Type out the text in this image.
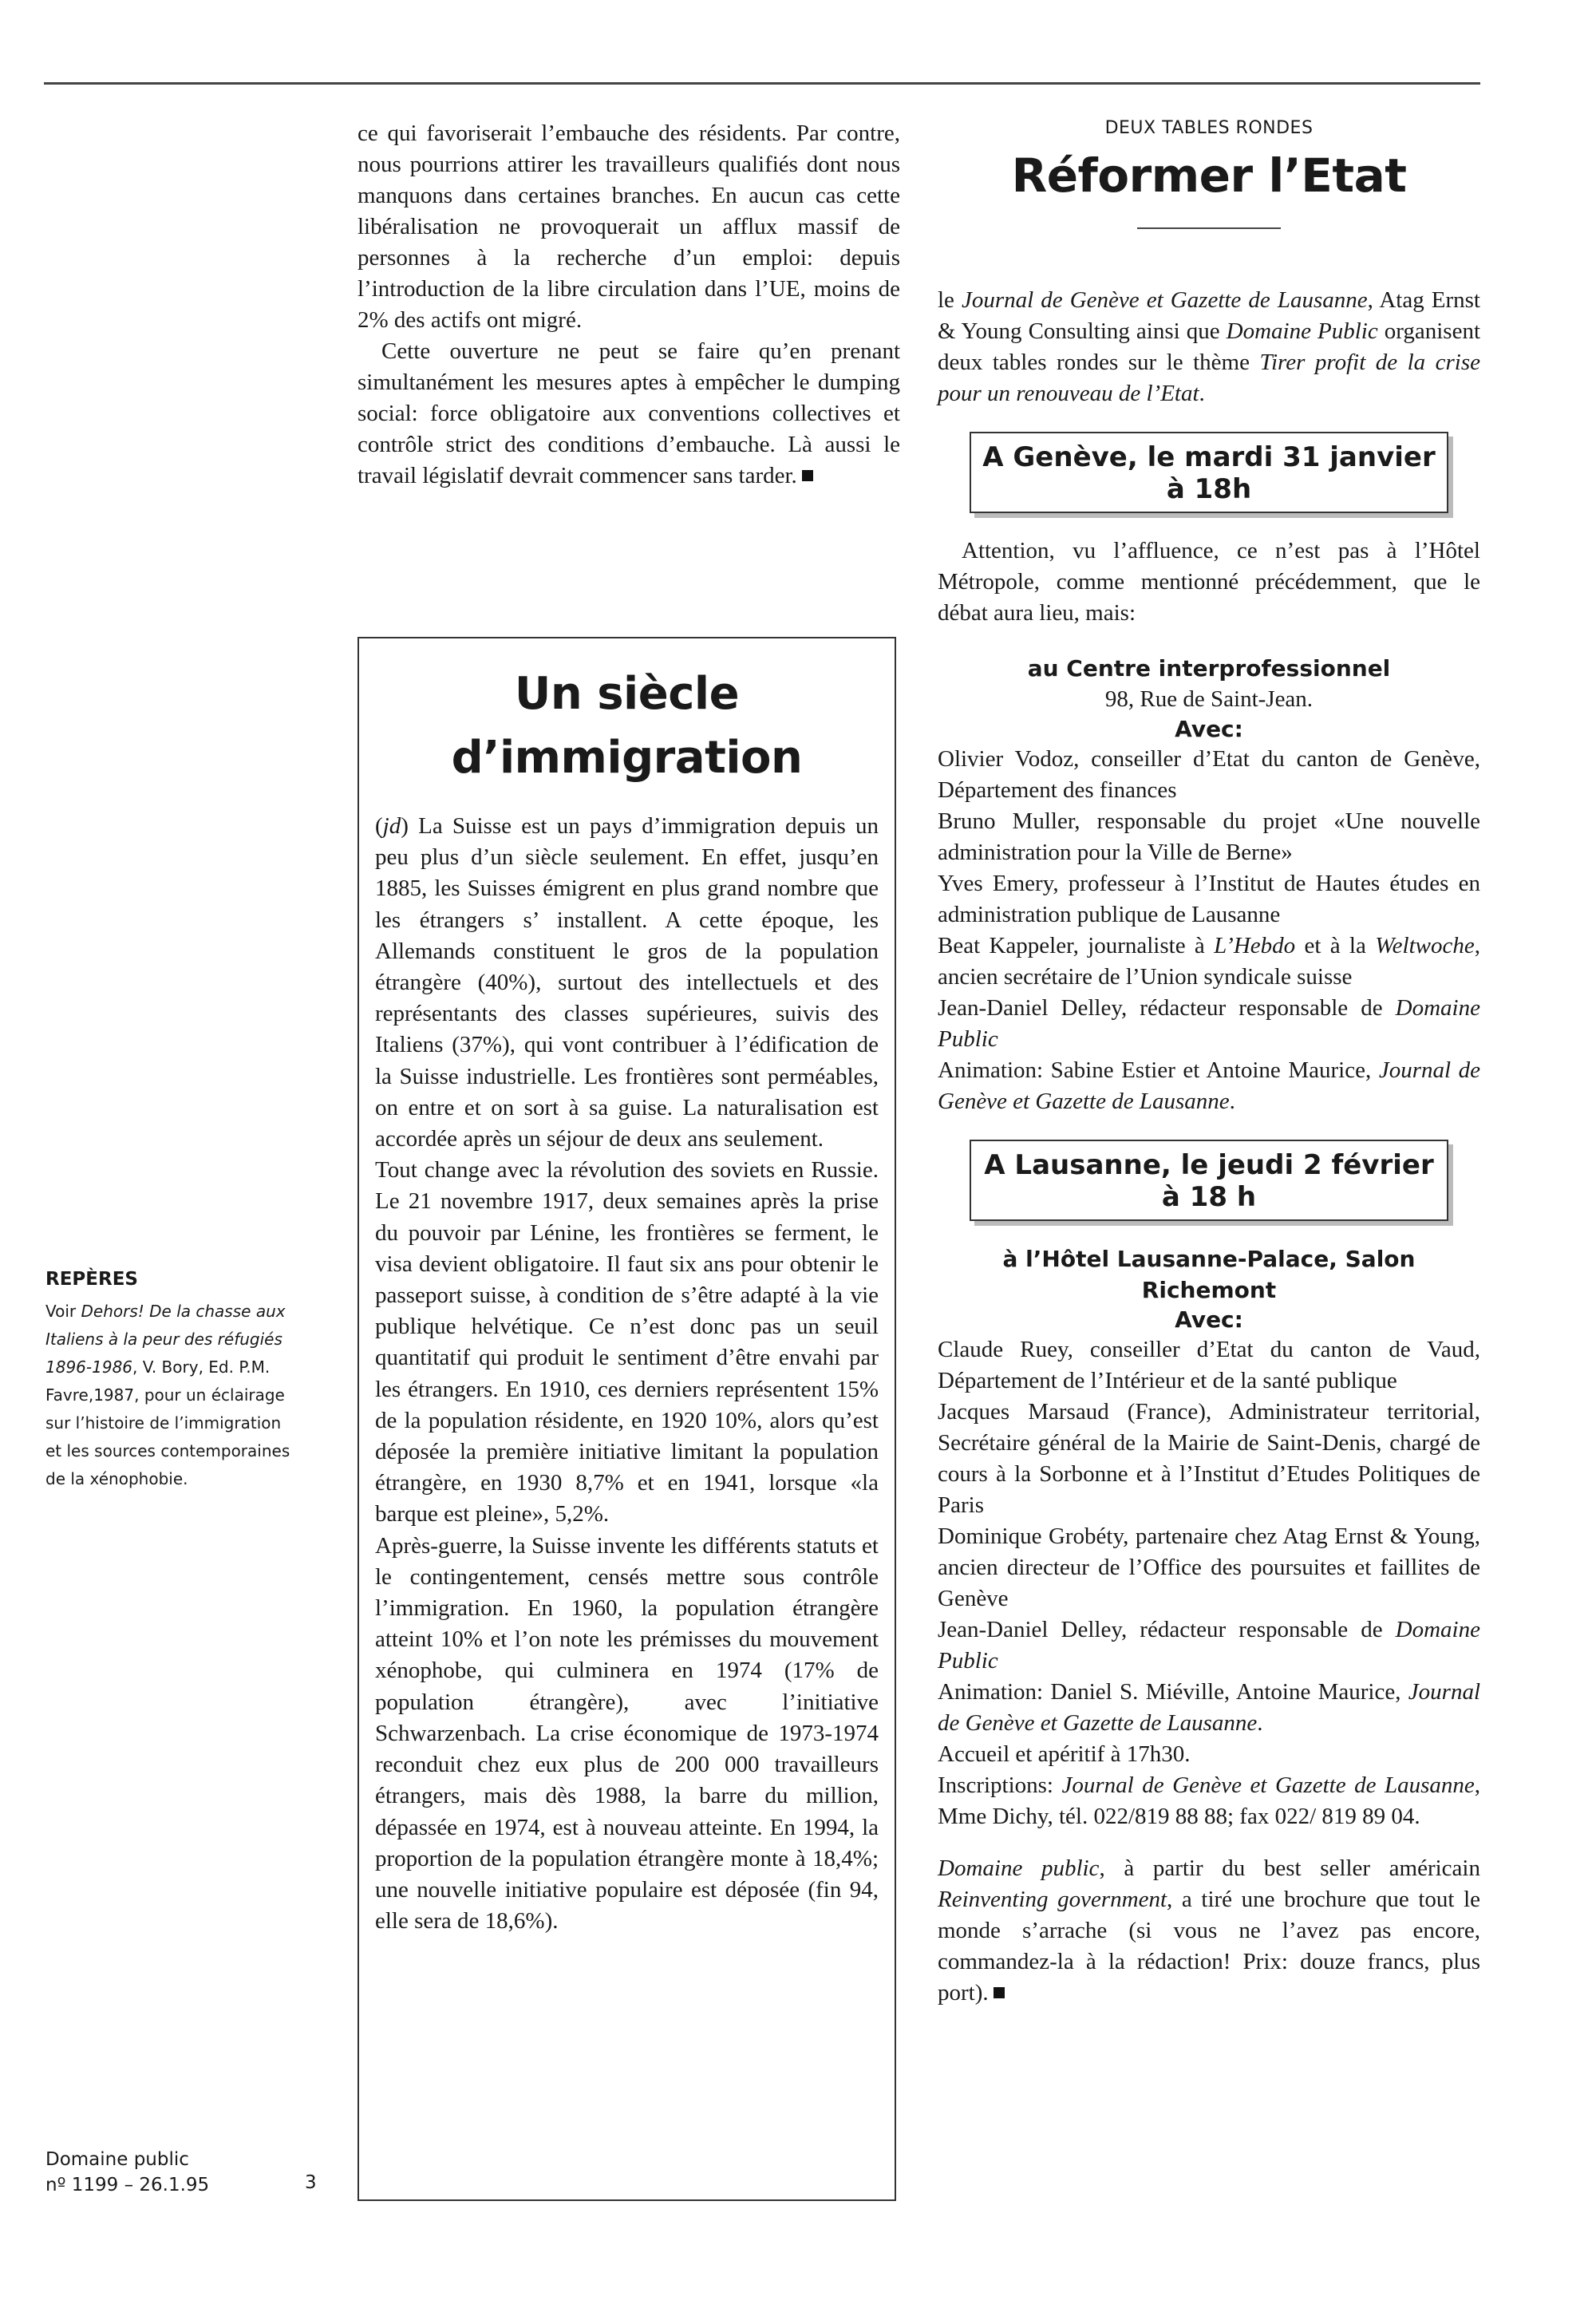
ce qui favoriserait l’embauche des résidents. Par contre, nous pourrions attirer les travailleurs qualifiés dont nous manquons dans certaines branches. En aucun cas cette libéralisation ne provoquerait un afflux massif de personnes à la recherche d’un emploi: depuis l’introduction de la libre circulation dans l’UE, moins de 2% des actifs ont migré.

Cette ouverture ne peut se faire qu’en prenant simultanément les mesures aptes à empêcher le dumping social: force obligatoire aux conventions collectives et contrôle strict des conditions d’embauche. Là aussi le travail législatif devrait commencer sans tarder.

Un siècle
d’immigration

(jd) La Suisse est un pays d’immigration depuis un peu plus d’un siècle seulement. En effet, jusqu’en 1885, les Suisses émigrent en plus grand nombre que les étrangers s’ installent. A cette époque, les Allemands constituent le gros de la population étrangère (40%), surtout des intellectuels et des représentants des classes supérieures, suivis des Italiens (37%), qui vont contribuer à l’édification de la Suisse industrielle. Les frontières sont perméables, on entre et on sort à sa guise. La naturalisation est accordée après un séjour de deux ans seulement.

Tout change avec la révolution des soviets en Russie. Le 21 novembre 1917, deux semaines après la prise du pouvoir par Lénine, les frontières se ferment, le visa devient obligatoire. Il faut six ans pour obtenir le passeport suisse, à condition de s’être adapté à la vie publique helvétique. Ce n’est donc pas un seuil quantitatif qui produit le sentiment d’être envahi par les étrangers. En 1910, ces derniers représentent 15% de la population résidente, en 1920 10%, alors qu’est déposée la première initiative limitant la population étrangère, en 1930 8,7% et en 1941, lorsque «la barque est pleine», 5,2%.

Après-guerre, la Suisse invente les différents statuts et le contingentement, censés mettre sous contrôle l’immigration. En 1960, la population étrangère atteint 10% et l’on note les prémisses du mouvement xénophobe, qui culminera en 1974 (17% de population étrangère), avec l’initiative Schwarzenbach. La crise économique de 1973-1974 reconduit chez eux plus de 200 000 travailleurs étrangers, mais dès 1988, la barre du million, dépassée en 1974, est à nouveau atteinte. En 1994, la proportion de la population étrangère monte à 18,4%; une nouvelle initiative populaire est déposée (fin 94, elle sera de 18,6%).

REPÈRES
Voir Dehors! De la chasse aux Italiens à la peur des réfugiés 1896-1986, V. Bory, Ed. P.M. Favre,1987, pour un éclairage sur l’histoire de l’immigration et les sources contemporaines de la xénophobie.
Domaine public
nº 1199 – 26.1.95	3
DEUX TABLES RONDES
Réformer l’Etat

le Journal de Genève et Gazette de Lausanne, Atag Ernst & Young Consulting ainsi que Domaine Public organisent deux tables rondes sur le thème Tirer profit de la crise pour un renouveau de l’Etat.

A Genève, le mardi 31 janvier
à 18h

Attention, vu l’affluence, ce n’est pas à l’Hôtel Métropole, comme mentionné précédemment, que le débat aura lieu, mais:

au Centre interprofessionnel
98, Rue de Saint-Jean.
Avec:

Olivier Vodoz, conseiller d’Etat du canton de Genève, Département des finances

Bruno Muller, responsable du projet «Une nouvelle administration pour la Ville de Berne»

Yves Emery, professeur à l’Institut de Hautes études en administration publique de Lausanne

Beat Kappeler, journaliste à L’Hebdo et à la Weltwoche, ancien secrétaire de l’Union syndicale suisse

Jean-Daniel Delley, rédacteur responsable de Domaine Public

Animation: Sabine Estier et Antoine Maurice, Journal de Genève et Gazette de Lausanne.

A Lausanne, le jeudi 2 février
à 18 h
à l’Hôtel Lausanne-Palace, Salon
Richemont
Avec:

Claude Ruey, conseiller d’Etat du canton de Vaud, Département de l’Intérieur et de la santé publique

Jacques Marsaud (France), Administrateur territorial, Secrétaire général de la Mairie de Saint-Denis, chargé de cours à la Sorbonne et à l’Institut d’Etudes Politiques de Paris

Dominique Grobéty, partenaire chez Atag Ernst & Young, ancien directeur de l’Office des poursuites et faillites de Genève

Jean-Daniel Delley, rédacteur responsable de Domaine Public

Animation: Daniel S. Miéville, Antoine Maurice, Journal de Genève et Gazette de Lausanne.

Accueil et apéritif à 17h30.

Inscriptions: Journal de Genève et Gazette de Lausanne, Mme Dichy, tél. 022/819 88 88; fax 022/ 819 89 04.

Domaine public, à partir du best seller américain Reinventing government, a tiré une brochure que tout le monde s’arrache (si vous ne l’avez pas encore, commandez-la à la rédaction! Prix: douze francs, plus port).
